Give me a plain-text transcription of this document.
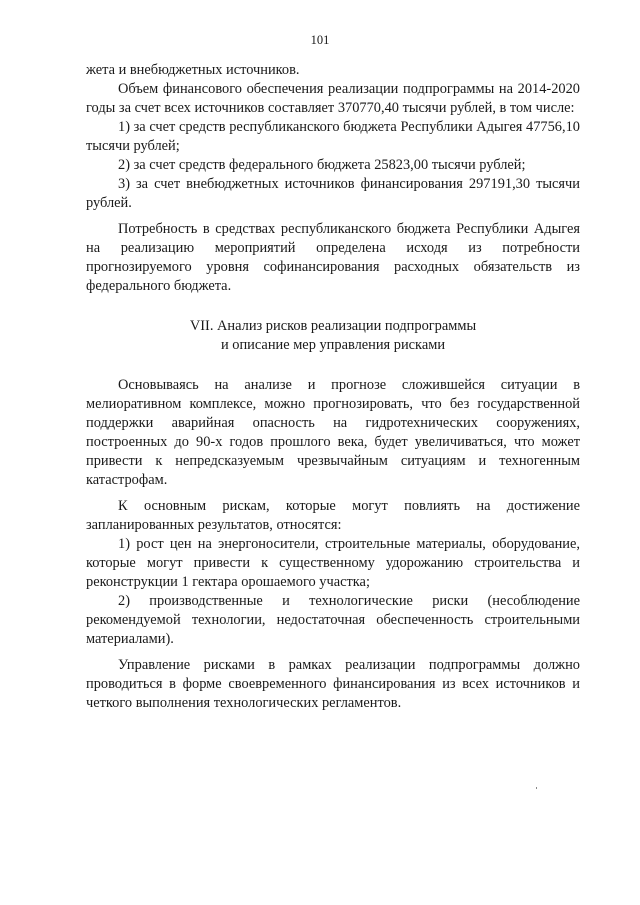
101

жета и внебюджетных источников.

Объем финансового обеспечения реализации подпрограммы на 2014-2020 годы за счет всех источников составляет 370770,40 тысячи рублей, в том числе:

1) за счет средств республиканского бюджета Республики Адыгея 47756,10 тысячи рублей;

2) за счет средств федерального бюджета 25823,00 тысячи рублей;

3) за счет внебюджетных источников финансирования 297191,30 тысячи рублей.

Потребность в средствах республиканского бюджета Республики Адыгея на реализацию мероприятий определена исходя из потребности прогнозируемого уровня софинансирования расходных обязательств из федерального бюджета.

VII. Анализ рисков реализации подпрограммы
и описание мер управления рисками

Основываясь на анализе и прогнозе сложившейся ситуации в мелиоративном комплексе, можно прогнозировать, что без государственной поддержки аварийная опасность на гидротехнических сооружениях, построенных до 90-х годов прошлого века, будет увеличиваться, что может привести к непредсказуемым чрезвычайным ситуациям и техногенным катастрофам.

К основным рискам, которые могут повлиять на достижение запланированных результатов, относятся:

1) рост цен на энергоносители, строительные материалы, оборудование, которые могут привести к существенному удорожанию строительства и реконструкции 1 гектара орошаемого участка;

2) производственные и технологические риски (несоблюдение рекомендуемой технологии, недостаточная обеспеченность строительными материалами).

Управление рисками в рамках реализации подпрограммы должно проводиться в форме своевременного финансирования из всех источников и четкого выполнения технологических регламентов.
